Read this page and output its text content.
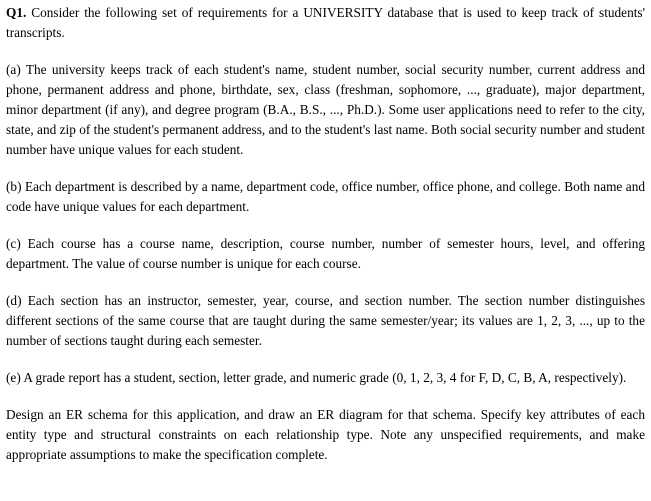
Q1. Consider the following set of requirements for a UNIVERSITY database that is used to keep track of students' transcripts.

(a) The university keeps track of each student's name, student number, social security number, current address and phone, permanent address and phone, birthdate, sex, class (freshman, sophomore, ..., graduate), major department, minor department (if any), and degree program (B.A., B.S., ..., Ph.D.). Some user applications need to refer to the city, state, and zip of the student's permanent address, and to the student's last name. Both social security number and student number have unique values for each student.

(b) Each department is described by a name, department code, office number, office phone, and college. Both name and code have unique values for each department.

(c) Each course has a course name, description, course number, number of semester hours, level, and offering department. The value of course number is unique for each course.

(d) Each section has an instructor, semester, year, course, and section number. The section number distinguishes different sections of the same course that are taught during the same semester/year; its values are 1, 2, 3, ..., up to the number of sections taught during each semester.

(e) A grade report has a student, section, letter grade, and numeric grade (0, 1, 2, 3, 4 for F, D, C, B, A, respectively).

Design an ER schema for this application, and draw an ER diagram for that schema. Specify key attributes of each entity type and structural constraints on each relationship type. Note any unspecified requirements, and make appropriate assumptions to make the specification complete.
